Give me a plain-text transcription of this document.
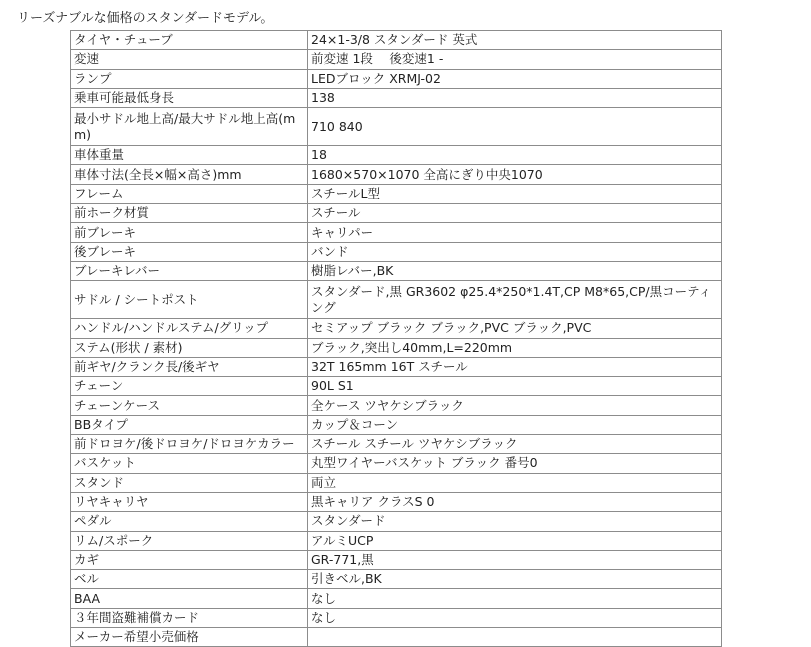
リーズナブルな価格のスタンダードモデル。
タイヤ・チューブ	24×1-3/8 スタンダード 英式
変速	前変速 1段　 後変速1 -
ランプ	LEDブロック XRMJ-02
乗車可能最低身長	138
最小サドル地上高/最大サドル地上高(mm)	710 840
車体重量	18
車体寸法(全長×幅×高さ)mm	1680×570×1070 全高にぎり中央1070
フレーム	スチールL型
前ホーク材質	スチール
前ブレーキ	キャリパー
後ブレーキ	バンド
ブレーキレバー	樹脂レバー,BK
サドル / シートポスト	スタンダード,黒 GR3602 φ25.4*250*1.4T,CP M8*65,CP/黒コーティング
ハンドル/ハンドルステム/グリップ	セミアップ ブラック ブラック,PVC ブラック,PVC
ステム(形状 / 素材)	ブラック,突出し40mm,L=220mm
前ギヤ/クランク長/後ギヤ	32T 165mm 16T スチール
チェーン	90L S1
チェーンケース	全ケース ツヤケシブラック
BBタイプ	カップ＆コーン
前ドロヨケ/後ドロヨケ/ドロヨケカラー	スチール スチール ツヤケシブラック
バスケット	丸型ワイヤーバスケット ブラック 番号0
スタンド	両立
リヤキャリヤ	黒キャリア クラスS 0
ペダル	スタンダード
リム/スポーク	アルミUCP
カギ	GR-771,黒
ベル	引きベル,BK
BAA	なし
３年間盗難補償カード	なし
メーカー希望小売価格	
